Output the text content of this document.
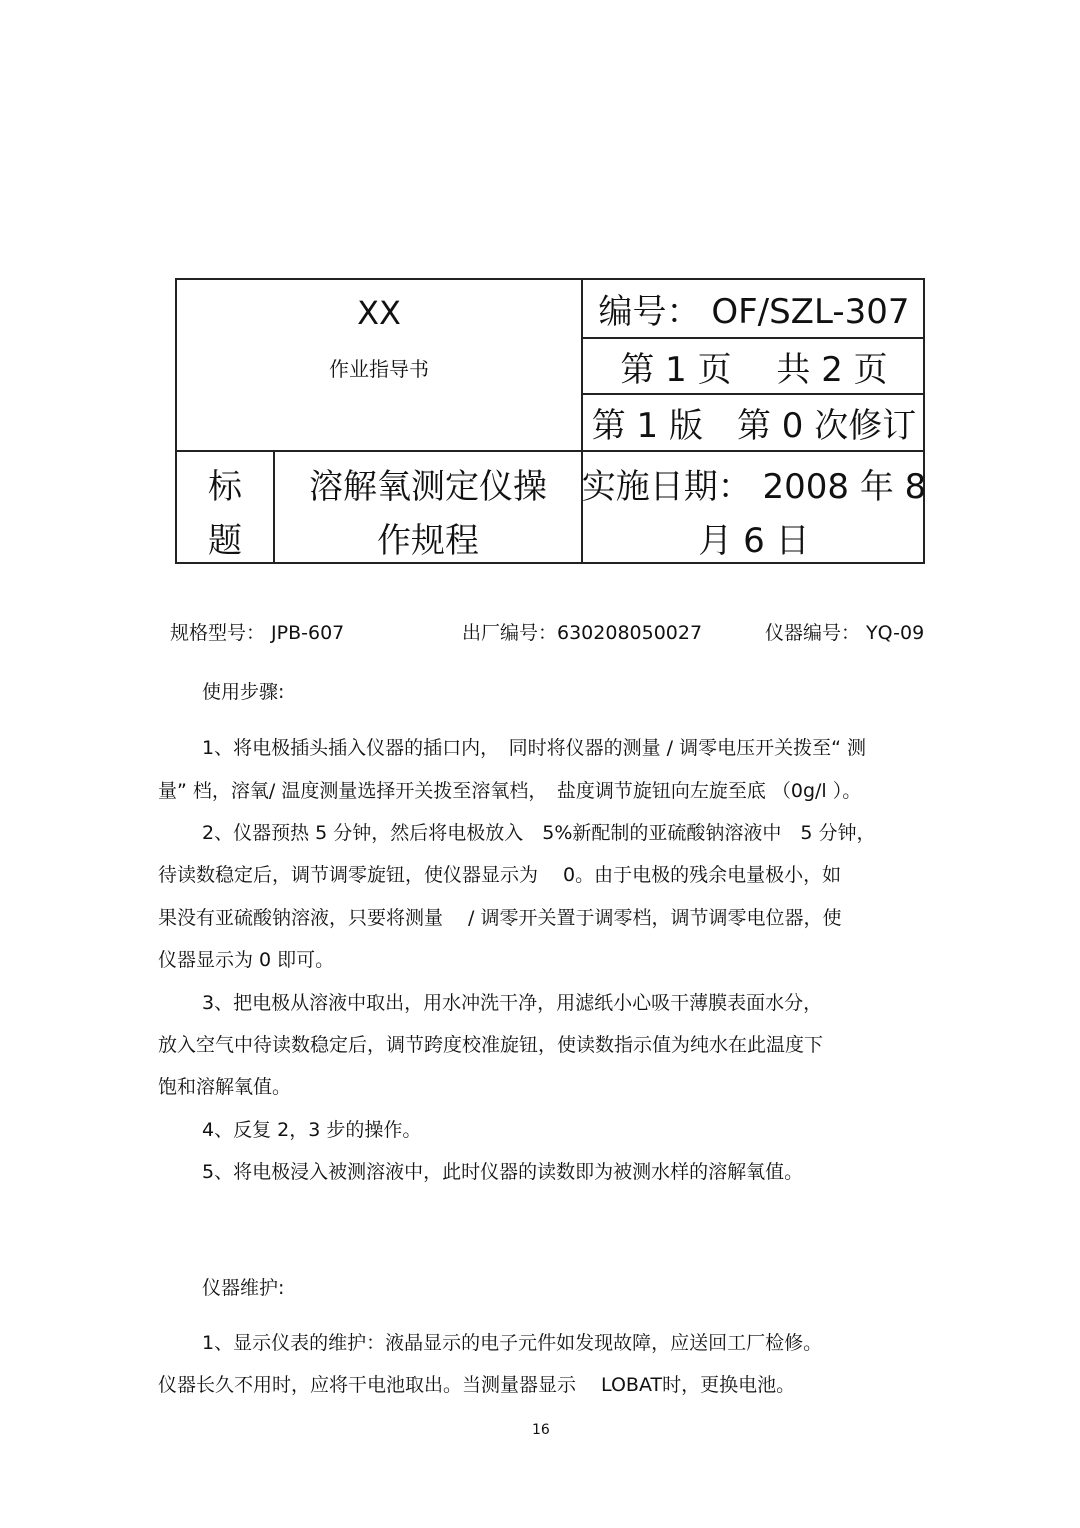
XX
作业指导书
编号： OF/SZL-307
第 1 页　 共 2 页
第 1 版　第 0 次修订
标
题
溶解氧测定仪操
作规程
实施日期： 2008 年 8
月 6 日
规格型号： JPB-607	出厂编号：630208050027	仪器编号： YQ-09
使用步骤:
1、将电极插头插入仪器的插口内，　同时将仪器的测量 / 调零电压开关拨至“ 测
量” 档，溶氧/ 温度测量选择开关拨至溶氧档，　盐度调节旋钮向左旋至底 （0g/l ）。
2、仪器预热 5 分钟，然后将电极放入　5%新配制的亚硫酸钠溶液中　5 分钟，
待读数稳定后，调节调零旋钮，使仪器显示为　 0。由于电极的残余电量极小，如
果没有亚硫酸钠溶液，只要将测量　 / 调零开关置于调零档，调节调零电位器，使
仪器显示为 0 即可。
3、把电极从溶液中取出，用水冲洗干净，用滤纸小心吸干薄膜表面水分，
放入空气中待读数稳定后，调节跨度校准旋钮，使读数指示值为纯水在此温度下
饱和溶解氧值。
4、反复 2，3 步的操作。
5、将电极浸入被测溶液中，此时仪器的读数即为被测水样的溶解氧值。
仪器维护:
1、显示仪表的维护：液晶显示的电子元件如发现故障，应送回工厂检修。
仪器长久不用时，应将干电池取出。当测量器显示　 LOBAT时，更换电池。
16
